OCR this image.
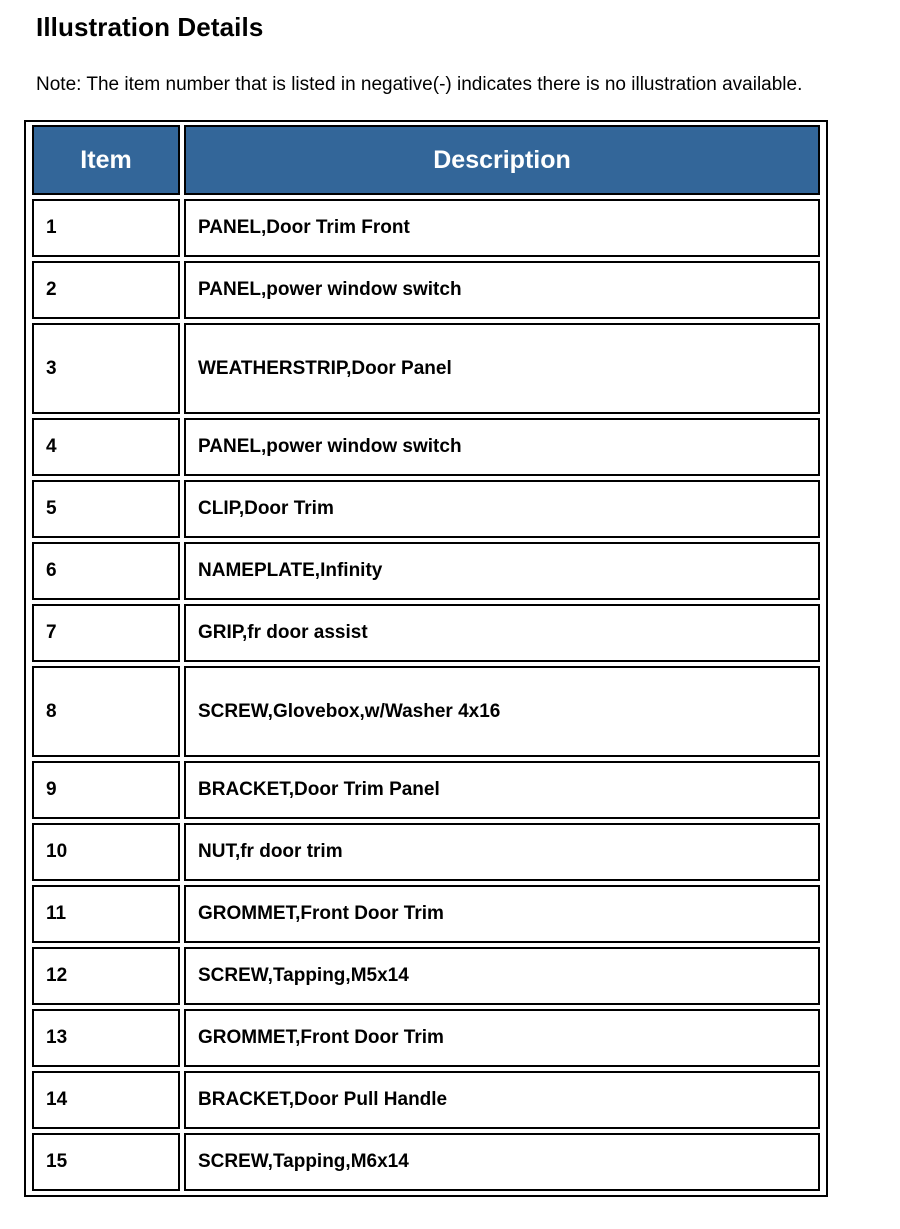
Illustration Details
Note: The item number that is listed in negative(-) indicates there is no illustration available.
Item	Description
1	PANEL,Door Trim Front
2	PANEL,power window switch
3	WEATHERSTRIP,Door Panel
4	PANEL,power window switch
5	CLIP,Door Trim
6	NAMEPLATE,Infinity
7	GRIP,fr door assist
8	SCREW,Glovebox,w/Washer 4x16
9	BRACKET,Door Trim Panel
10	NUT,fr door trim
11	GROMMET,Front Door Trim
12	SCREW,Tapping,M5x14
13	GROMMET,Front Door Trim
14	BRACKET,Door Pull Handle
15	SCREW,Tapping,M6x14
